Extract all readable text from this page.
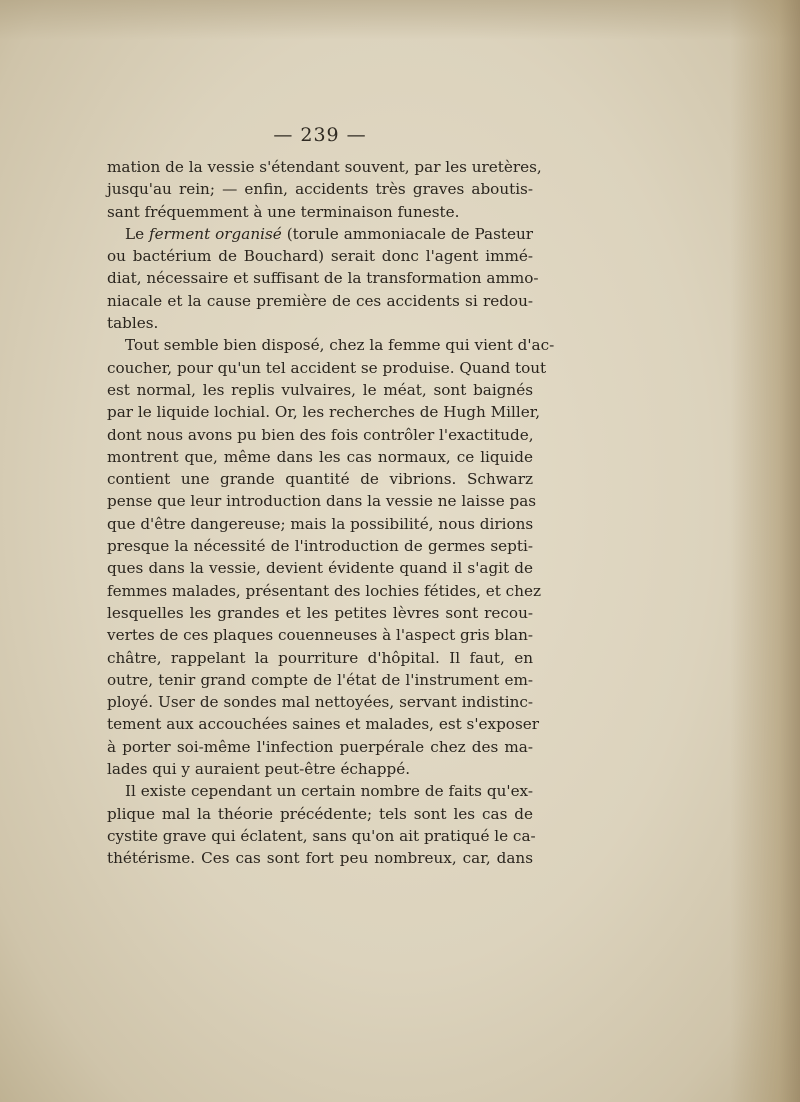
— 239 —
mation de la vessie s'étendant souvent, par les uretères,
jusqu'au rein; — enfin, accidents très graves aboutis-
sant fréquemment à une terminaison funeste.
Le ferment organisé (torule ammoniacale de Pasteur
ou bactérium de Bouchard) serait donc l'agent immé-
diat, nécessaire et suffisant de la transformation ammo-
niacale et la cause première de ces accidents si redou-
tables.
Tout semble bien disposé, chez la femme qui vient d'ac-
coucher, pour qu'un tel accident se produise. Quand tout
est normal, les replis vulvaires, le méat, sont baignés
par le liquide lochial. Or, les recherches de Hugh Miller,
dont nous avons pu bien des fois contrôler l'exactitude,
montrent que, même dans les cas normaux, ce liquide
contient une grande quantité de vibrions. Schwarz
pense que leur introduction dans la vessie ne laisse pas
que d'être dangereuse; mais la possibilité, nous dirions
presque la nécessité de l'introduction de germes septi-
ques dans la vessie, devient évidente quand il s'agit de
femmes malades, présentant des lochies fétides, et chez
lesquelles les grandes et les petites lèvres sont recou-
vertes de ces plaques couenneuses à l'aspect gris blan-
châtre, rappelant la pourriture d'hôpital. Il faut, en
outre, tenir grand compte de l'état de l'instrument em-
ployé. User de sondes mal nettoyées, servant indistinc-
tement aux accouchées saines et malades, est s'exposer
à porter soi-même l'infection puerpérale chez des ma-
lades qui y auraient peut-être échappé.
Il existe cependant un certain nombre de faits qu'ex-
plique mal la théorie précédente; tels sont les cas de
cystite grave qui éclatent, sans qu'on ait pratiqué le ca-
thétérisme. Ces cas sont fort peu nombreux, car, dans
